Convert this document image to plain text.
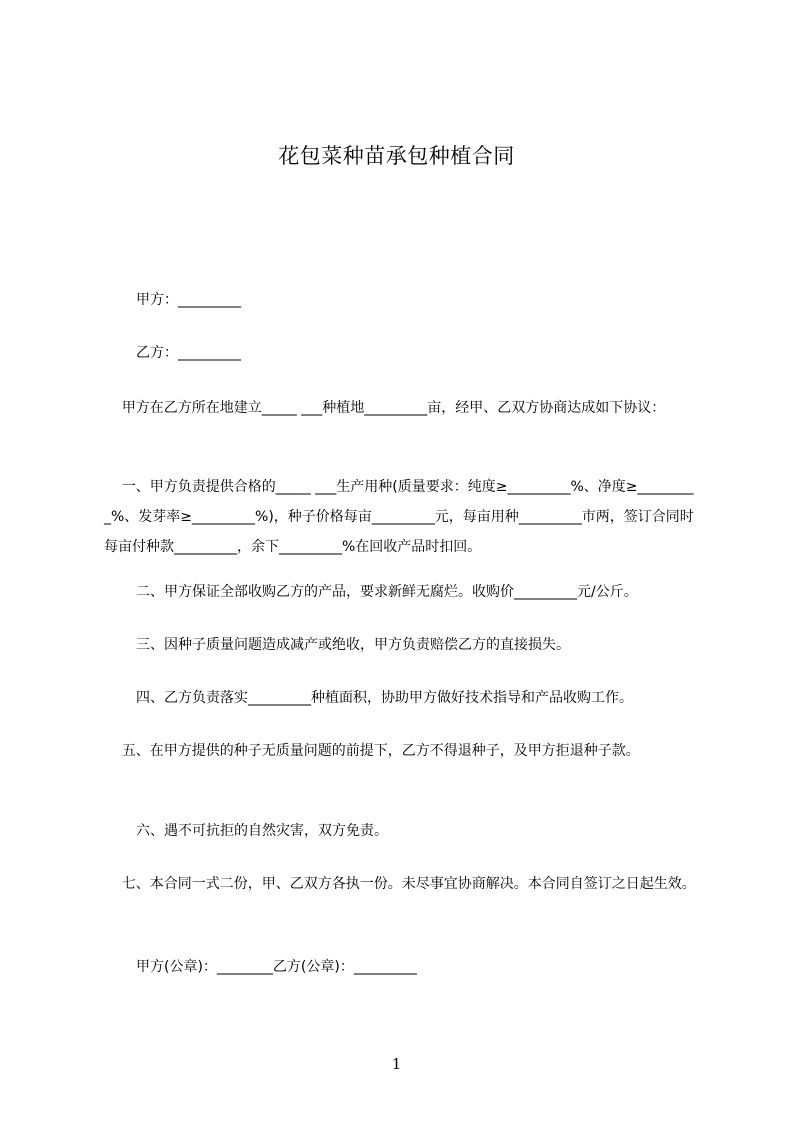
花包菜种苗承包种植合同
甲方：_________
乙方：_________
甲方在乙方所在地建立_____ ___种植地_________亩，经甲、乙双方协商达成如下协议：
一、甲方负责提供合格的_____ ___生产用种(质量要求：纯度≥_________%、净度≥_________%、发芽率≥_________%)，种子价格每亩_________元，每亩用种_________市两，签订合同时每亩付种款_________，余下_________%在回收产品时扣回。
二、甲方保证全部收购乙方的产品，要求新鲜无腐烂。收购价_________元/公斤。
三、因种子质量问题造成减产或绝收，甲方负责赔偿乙方的直接损失。
四、乙方负责落实_________种植面积，协助甲方做好技术指导和产品收购工作。
五、在甲方提供的种子无质量问题的前提下，乙方不得退种子，及甲方拒退种子款。
六、遇不可抗拒的自然灾害，双方免责。
七、本合同一式二份，甲、乙双方各执一份。未尽事宜协商解决。本合同自签订之日起生效。
甲方(公章)：________乙方(公章)：_________
1
